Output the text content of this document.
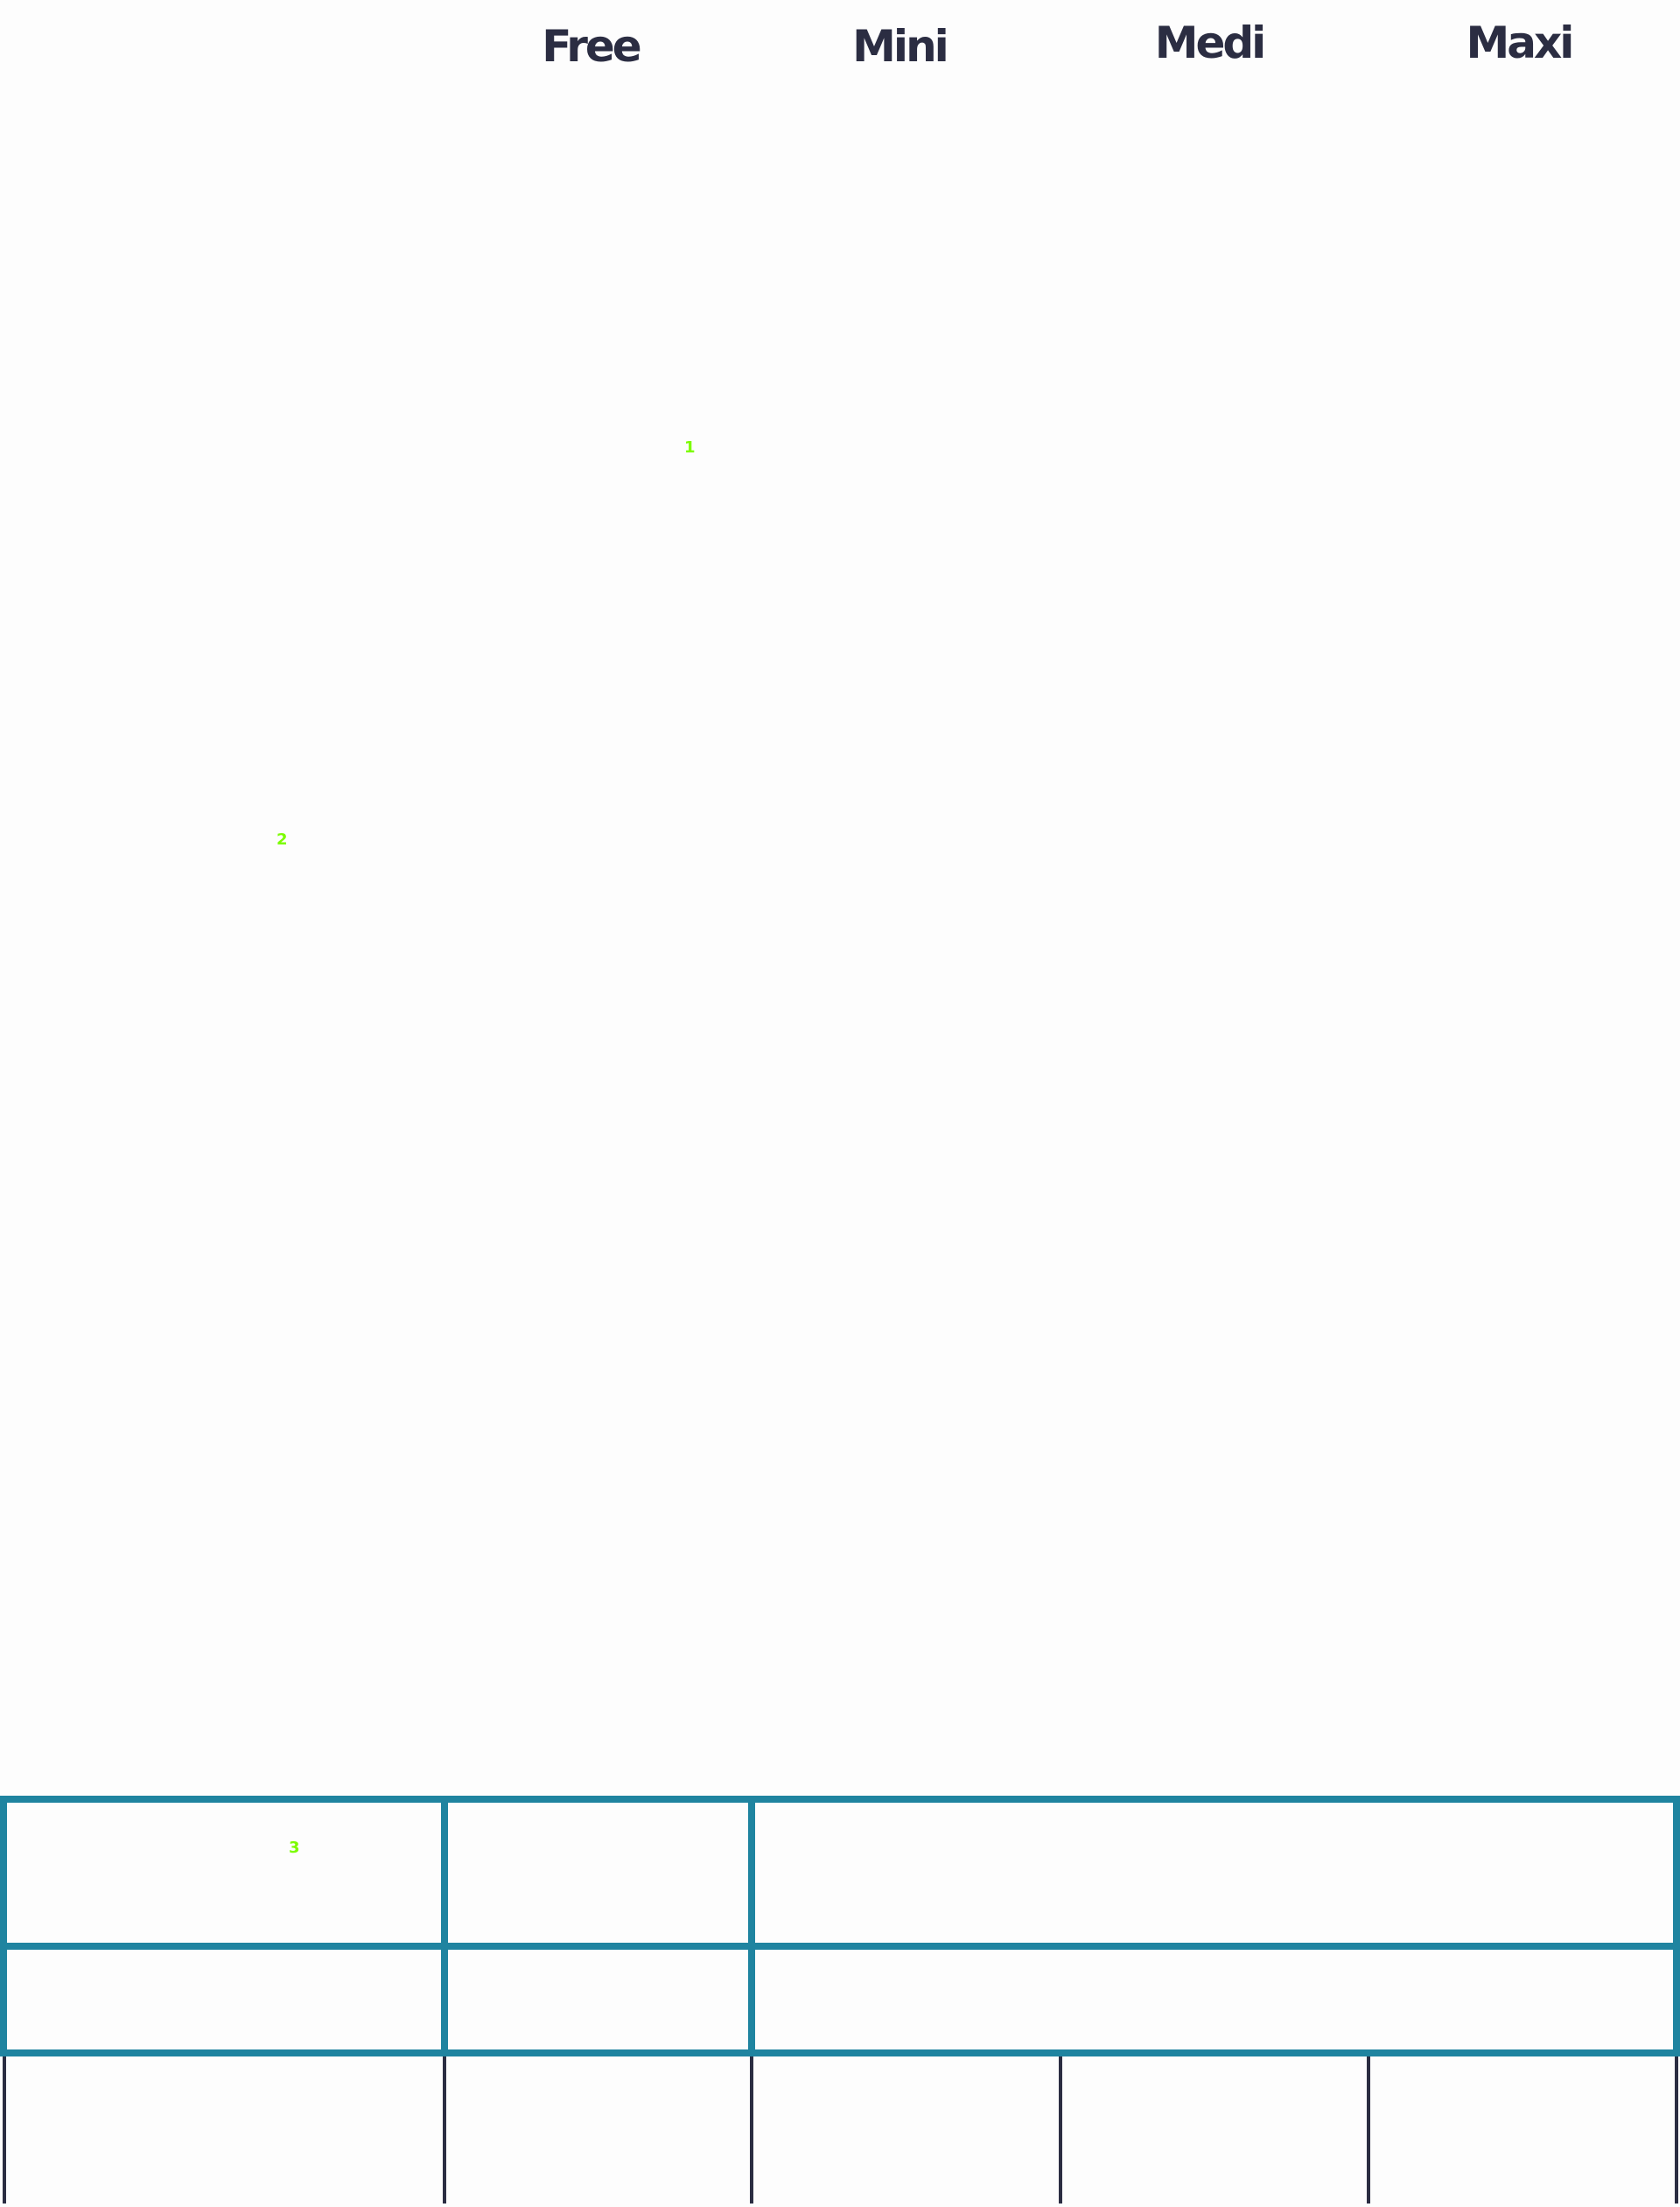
Free	Mini	Medi	Maxi
1
2
3
